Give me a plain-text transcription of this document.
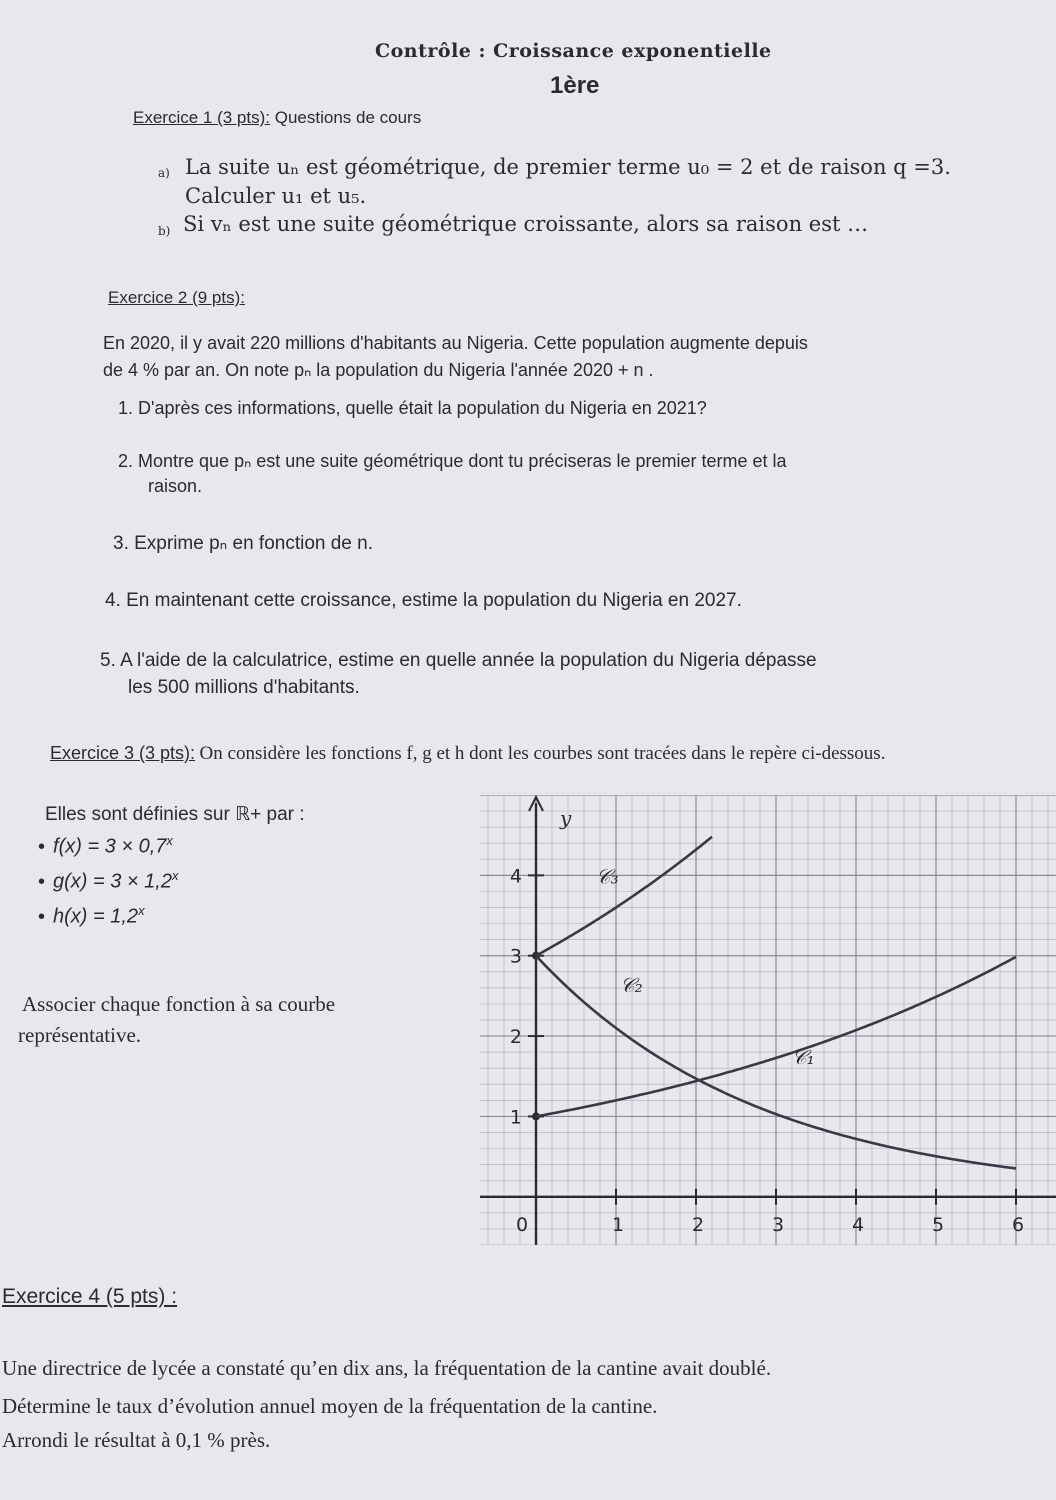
Contrôle : Croissance exponentielle
1ère
Exercice 1 (3 pts): Questions de cours
a) La suite uₙ est géométrique, de premier terme u₀ = 2 et de raison q =3.
Calculer u₁ et u₅.
b) Si vₙ est une suite géométrique croissante, alors sa raison est …
Exercice 2 (9 pts):
En 2020, il y avait 220 millions d'habitants au Nigeria. Cette population augmente depuis
de 4 % par an. On note pₙ la population du Nigeria l'année 2020 + n .
1. D'après ces informations, quelle était la population du Nigeria en 2021?
2. Montre que pₙ est une suite géométrique dont tu préciseras le premier terme et la
raison.
3. Exprime pₙ en fonction de n.
4. En maintenant cette croissance, estime la population du Nigeria en 2027.
5. A l'aide de la calculatrice, estime en quelle année la population du Nigeria dépasse
les 500 millions d'habitants.
Exercice 3 (3 pts): On considère les fonctions f, g et h dont les courbes sont tracées dans le repère ci-dessous.
Elles sont définies sur ℝ+ par :
• $f(x) = 3 \times 0,7^x$
• $g(x) = 3 \times 1,2^x$
• $h(x) = 1,2^x$
Associer chaque fonction à sa courbe
représentative.
y
0	1	2	3	4	5	6
1
2
3
4
𝒞₁
𝒞₂
𝒞₃
Exercice 4 (5 pts) :
Une directrice de lycée a constaté qu’en dix ans, la fréquentation de la cantine avait doublé.
Détermine le taux d’évolution annuel moyen de la fréquentation de la cantine.
Arrondi le résultat à 0,1 % près.
